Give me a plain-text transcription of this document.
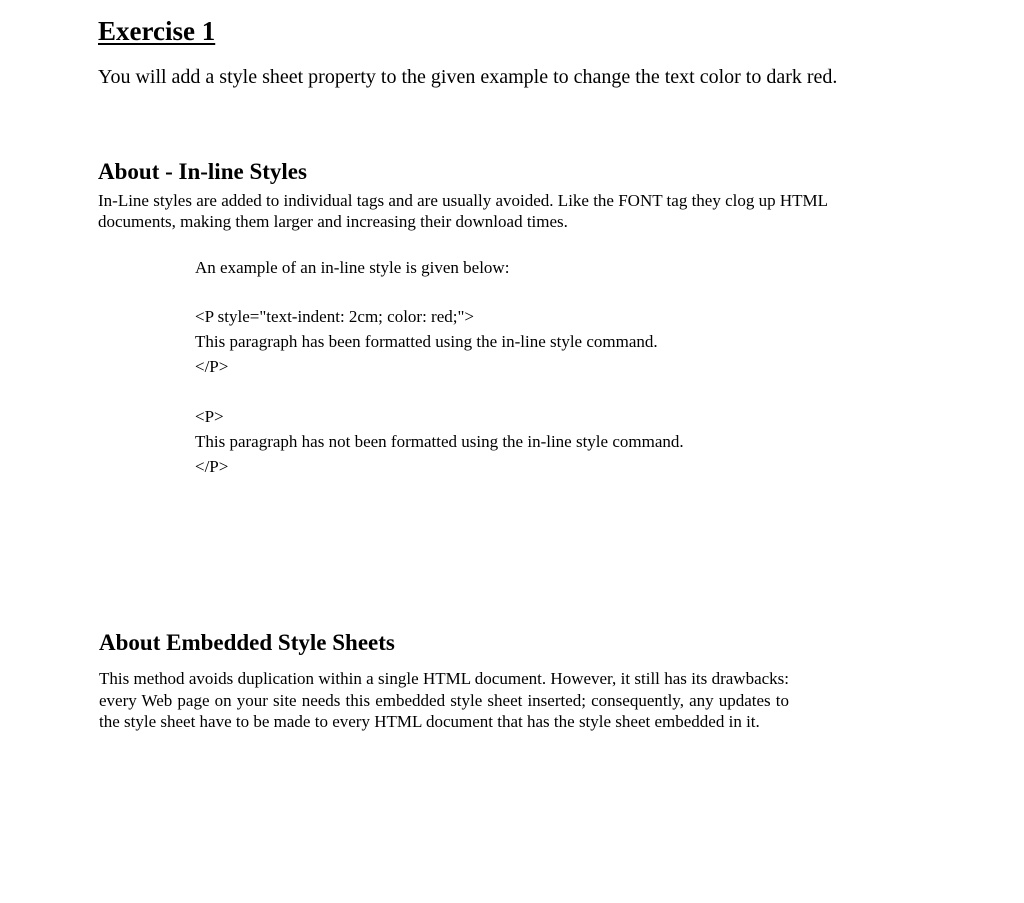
Exercise 1

You will add a style sheet property to the given example to change the text color to dark red.

About - In-line Styles

In-Line styles are added to individual tags and are usually avoided. Like the FONT tag they clog up HTML documents, making them larger and increasing their download times.

An example of an in-line style is given below:

<P style="text-indent: 2cm; color: red;">
This paragraph has been formatted using the in-line style command.
</P>
<P>
This paragraph has not been formatted using the in-line style command.
</P>
About Embedded Style Sheets

This method avoids duplication within a single HTML document. However, it still has its drawbacks: every Web page on your site needs this embedded style sheet inserted; consequently, any updates to the style sheet have to be made to every HTML document that has the style sheet embedded in it.
